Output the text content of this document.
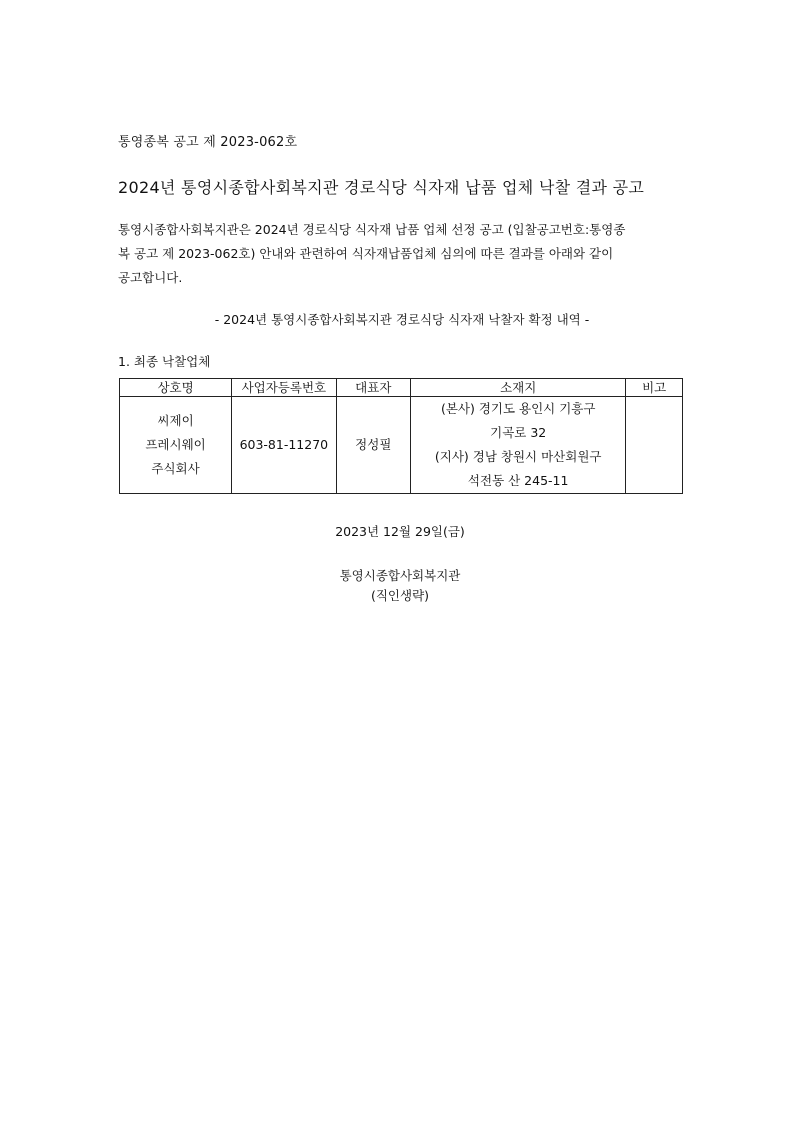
통영종복 공고 제 2023-062호
2024년 통영시종합사회복지관 경로식당 식자재 납품 업체 낙찰 결과 공고

통영시종합사회복지관은 2024년 경로식당 식자재 납품 업체 선정 공고 (입찰공고번호:통영종
복 공고 제 2023-062호) 안내와 관련하여 식자재납품업체 심의에 따른 결과를 아래와 같이
공고합니다.

- 2024년 통영시종합사회복지관 경로식당 식자재 낙찰자 확정 내역 -
1. 최종 낙찰업체
상호명	사업자등록번호	대표자	소재지	비고

씨제이
프레시웨이
주식회사	603-81-11270	정성필	(본사) 경기도 용인시 기흥구
기곡로 32
(지사) 경남 창원시 마산회원구
석전동 산 245-11	

2023년 12월 29일(금)
통영시종합사회복지관
(직인생략)
